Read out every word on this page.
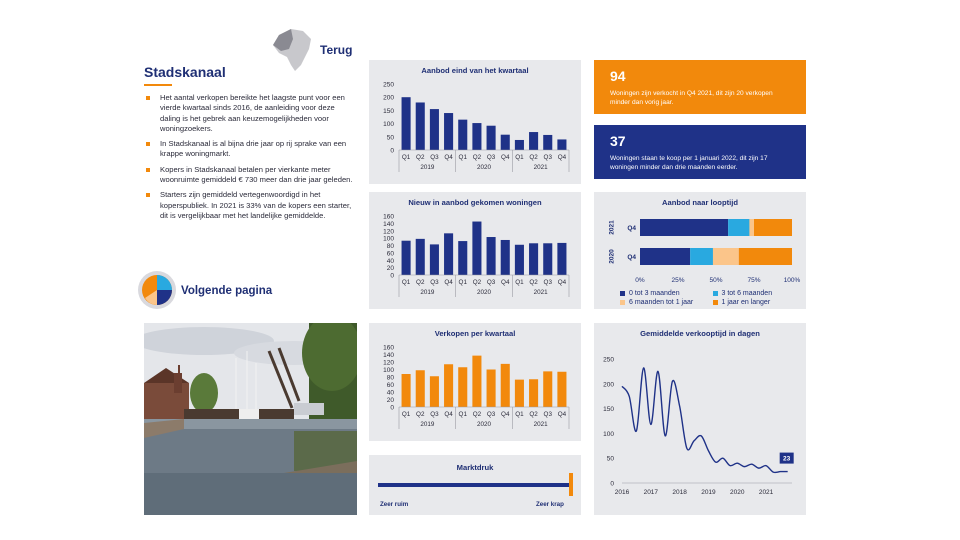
Terug
Stadskanaal
Het aantal verkopen bereikte het laagste punt voor een vierde kwartaal sinds 2016, de aanleiding voor deze daling is het gebrek aan keuzemogelijkheden voor woningzoekers.
In Stadskanaal is al bijna drie jaar op rij sprake van een krappe woningmarkt.
Kopers in Stadskanaal betalen per vierkante meter woonruimte gemiddeld € 730 meer dan drie jaar geleden.
Starters zijn gemiddeld vertegenwoordigd in het koperspubliek. In 2021 is 33% van de kopers een starter, dit is vergelijkbaar met het landelijke gemiddelde.
Volgende pagina
Aanbod eind van het kwartaal
0
50
100
150
200
250
Q1 Q2 Q3 Q4 Q1 Q2 Q3 Q4 Q1 Q2 Q3 Q4
2019	2020	2021
Nieuw in aanbod gekomen woningen
0
20
40
60
80
100
120
140
160
Q1 Q2 Q3 Q4 Q1 Q2 Q3 Q4 Q1 Q2 Q3 Q4
2019	2020	2021
Verkopen per kwartaal
0
20
40
60
80
100
120
140
160
Q1 Q2 Q3 Q4 Q1 Q2 Q3 Q4 Q1 Q2 Q3 Q4
2019	2020	2021
Marktdruk
Zeer ruim	Zeer krap
94
Woningen zijn verkocht in Q4 2021, dit zijn 20 verkopen minder dan vorig jaar.
37
Woningen staan te koop per 1 januari 2022, dit zijn 17 woningen minder dan drie maanden eerder.
Aanbod naar looptijd
Q4
2021
Q4
2020
0%	25%	50%	75%	100%
0 tot 3 maanden	3 tot 6 maanden
6 maanden tot 1 jaar	1 jaar en langer
Gemiddelde verkooptijd in dagen
0
50
100
150
200
250
2016 2017 2018 2019 2020 2021
23
